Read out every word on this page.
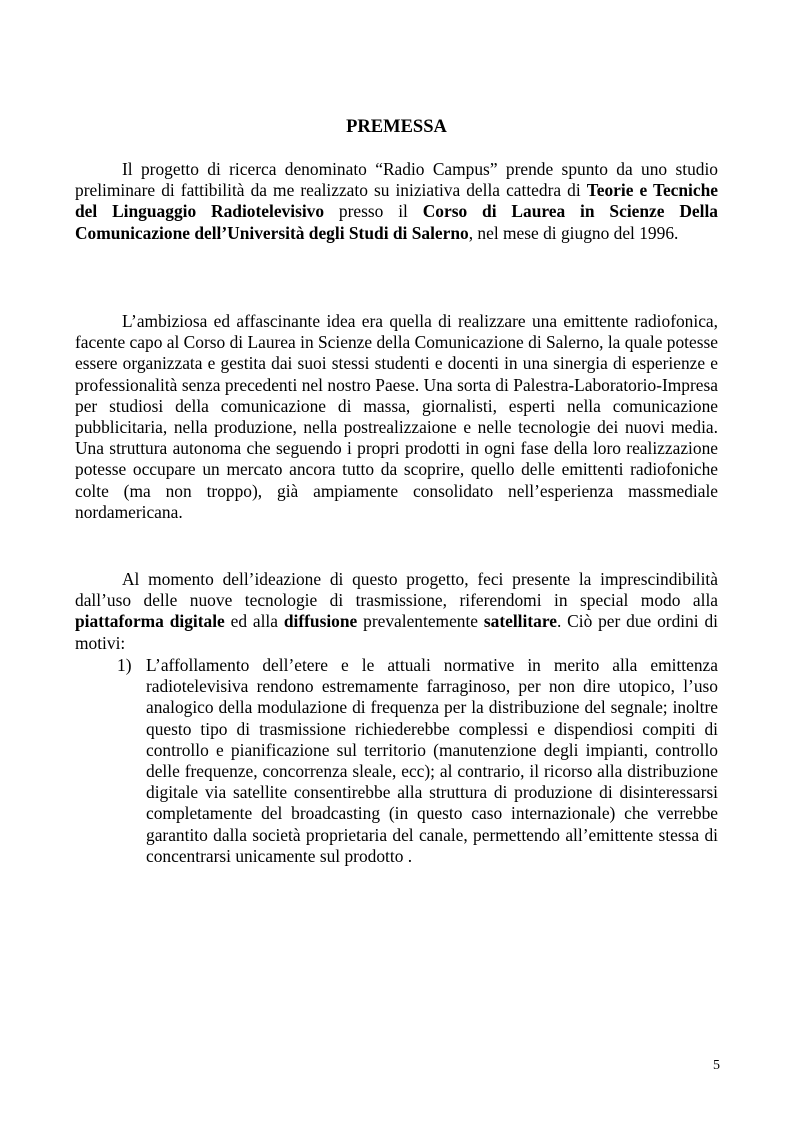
PREMESSA

Il progetto di ricerca denominato “Radio Campus” prende spunto da uno studio preliminare di fattibilità da me realizzato su iniziativa della cattedra di Teorie e Tecniche del Linguaggio Radiotelevisivo presso il Corso di Laurea in Scienze Della Comunicazione dell’Università degli Studi di Salerno, nel mese di giugno del 1996.

L’ambiziosa ed affascinante idea era quella di realizzare una emittente radiofonica, facente capo al Corso di Laurea in Scienze della Comunicazione di Salerno, la quale potesse essere organizzata e gestita dai suoi stessi studenti e docenti in una sinergia di esperienze e professionalità senza precedenti nel nostro Paese. Una sorta di Palestra-Laboratorio-Impresa per studiosi della comunicazione di massa, giornalisti, esperti nella comunicazione pubblicitaria, nella produzione, nella postrealizzaione e nelle tecnologie dei nuovi media. Una struttura autonoma che seguendo i propri prodotti in ogni fase della loro realizzazione potesse occupare un mercato ancora tutto da scoprire, quello delle emittenti radiofoniche colte (ma non troppo), già ampiamente consolidato nell’esperienza massmediale nordamericana.

Al momento dell’ideazione di questo progetto, feci presente la imprescindibilità dall’uso delle nuove tecnologie di trasmissione, riferendomi in special modo alla piattaforma digitale ed alla diffusione prevalentemente satellitare. Ciò per due ordini di motivi:

1) L’affollamento dell’etere e le attuali normative in merito alla emittenza radiotelevisiva rendono estremamente farraginoso, per non dire utopico, l’uso analogico della modulazione di frequenza per la distribuzione del segnale; inoltre questo tipo di trasmissione richiederebbe complessi e dispendiosi compiti di controllo e pianificazione sul territorio (manutenzione degli impianti, controllo delle frequenze, concorrenza sleale, ecc); al contrario, il ricorso alla distribuzione digitale via satellite consentirebbe alla struttura di produzione di disinteressarsi completamente del broadcasting (in questo caso internazionale) che verrebbe garantito dalla società proprietaria del canale, permettendo all’emittente stessa di concentrarsi unicamente sul prodotto .
5
